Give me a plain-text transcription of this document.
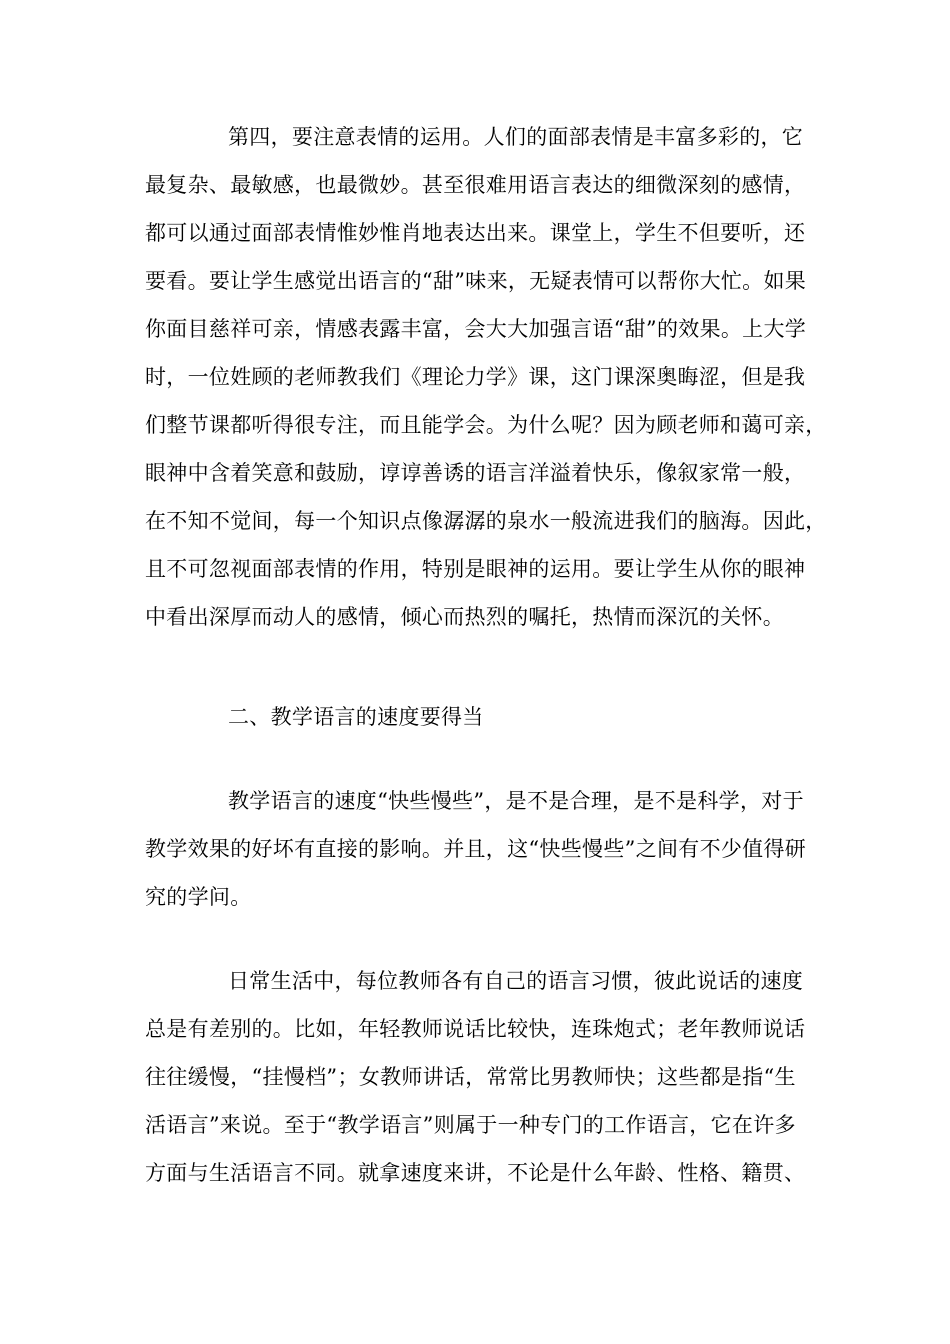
第四，要注意表情的运用。人们的面部表情是丰富多彩的，它
最复杂、最敏感，也最微妙。甚至很难用语言表达的细微深刻的感情，
都可以通过面部表情惟妙惟肖地表达出来。课堂上，学生不但要听，还
要看。要让学生感觉出语言的“甜”味来，无疑表情可以帮你大忙。如果
你面目慈祥可亲，情感表露丰富，会大大加强言语“甜”的效果。上大学
时，一位姓顾的老师教我们《理论力学》课，这门课深奥晦涩，但是我
们整节课都听得很专注，而且能学会。为什么呢？因为顾老师和蔼可亲，
眼神中含着笑意和鼓励，谆谆善诱的语言洋溢着快乐，像叙家常一般，
在不知不觉间，每一个知识点像潺潺的泉水一般流进我们的脑海。因此，
且不可忽视面部表情的作用，特别是眼神的运用。要让学生从你的眼神
中看出深厚而动人的感情，倾心而热烈的嘱托，热情而深沉的关怀。
二、教学语言的速度要得当
教学语言的速度“快些慢些”，是不是合理，是不是科学，对于
教学效果的好坏有直接的影响。并且，这“快些慢些”之间有不少值得研
究的学问。
日常生活中，每位教师各有自己的语言习惯，彼此说话的速度
总是有差别的。比如，年轻教师说话比较快，连珠炮式；老年教师说话
往往缓慢，“挂慢档”；女教师讲话，常常比男教师快；这些都是指“生
活语言”来说。至于“教学语言”则属于一种专门的工作语言，它在许多
方面与生活语言不同。就拿速度来讲，不论是什么年龄、性格、籍贯、
